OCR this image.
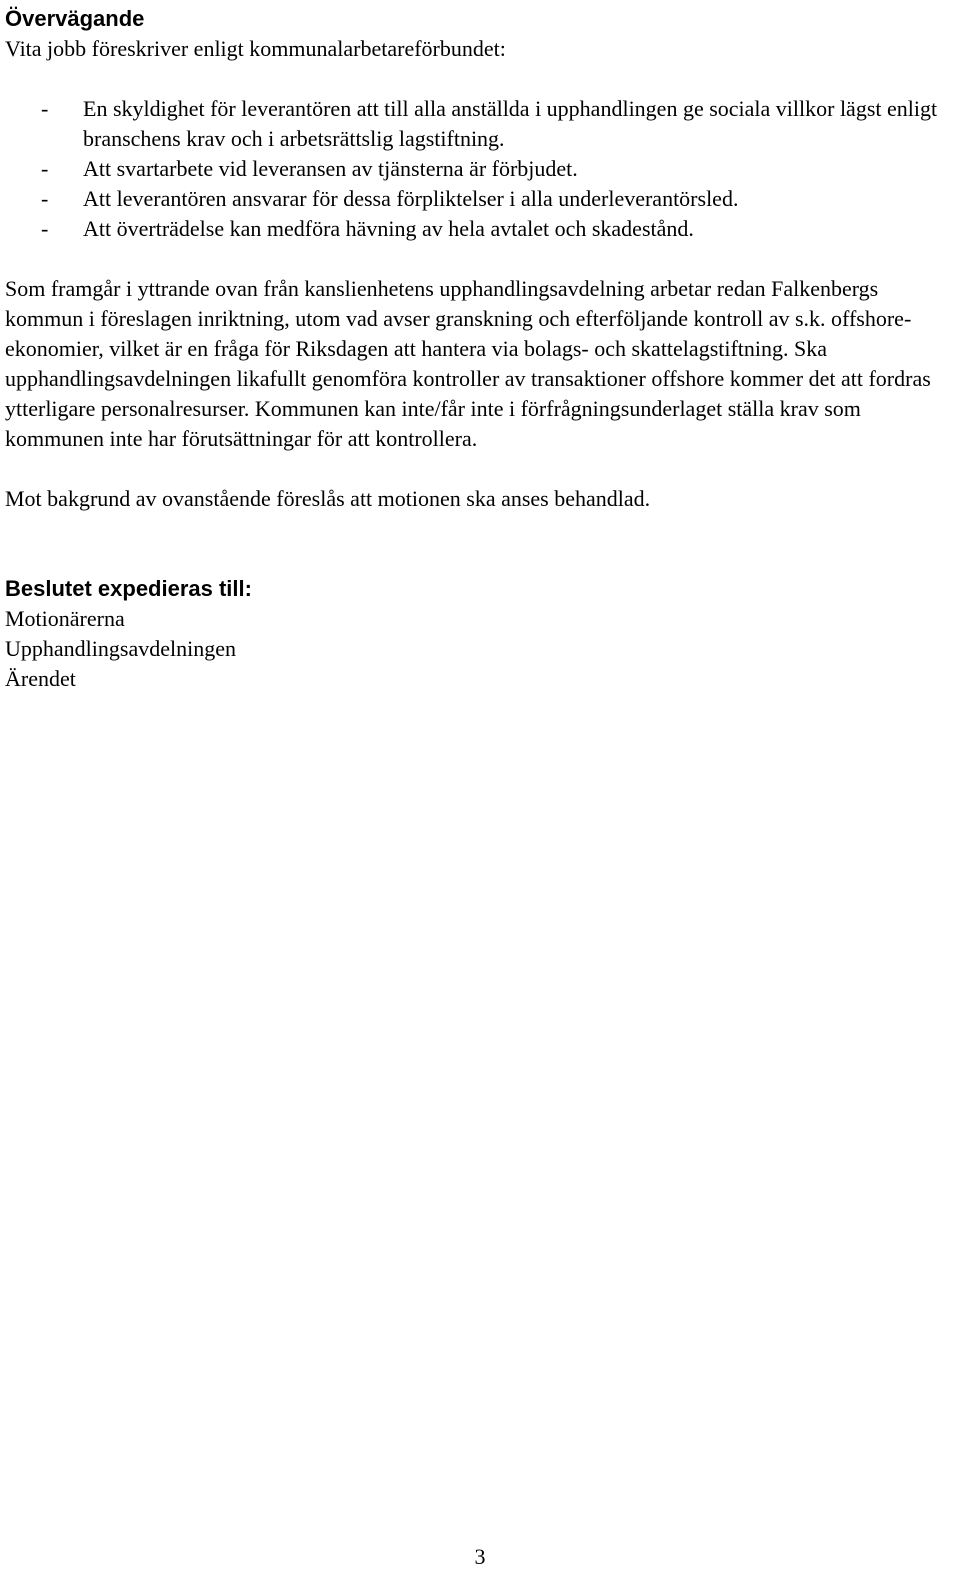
Övervägande

Vita jobb föreskriver enligt kommunalarbetareförbundet:

- En skyldighet för leverantören att till alla anställda i upphandlingen ge sociala villkor lägst enligt branschens krav och i arbetsrättslig lagstiftning.
- Att svartarbete vid leveransen av tjänsterna är förbjudet.
- Att leverantören ansvarar för dessa förpliktelser i alla underleverantörsled.
- Att överträdelse kan medföra hävning av hela avtalet och skadestånd.

Som framgår i yttrande ovan från kanslienhetens upphandlingsavdelning arbetar redan Falkenbergs kommun i föreslagen inriktning, utom vad avser granskning och efterföljande kontroll av s.k. offshore-ekonomier, vilket är en fråga för Riksdagen att hantera via bolags- och skattelagstiftning. Ska upphandlingsavdelningen likafullt genomföra kontroller av transaktioner offshore kommer det att fordras ytterligare personalresurser. Kommunen kan inte/får inte i förfrågningsunderlaget ställa krav som kommunen inte har förutsättningar för att kontrollera.

Mot bakgrund av ovanstående föreslås att motionen ska anses behandlad.

Beslutet expedieras till:
Motionärerna
Upphandlingsavdelningen
Ärendet
3
